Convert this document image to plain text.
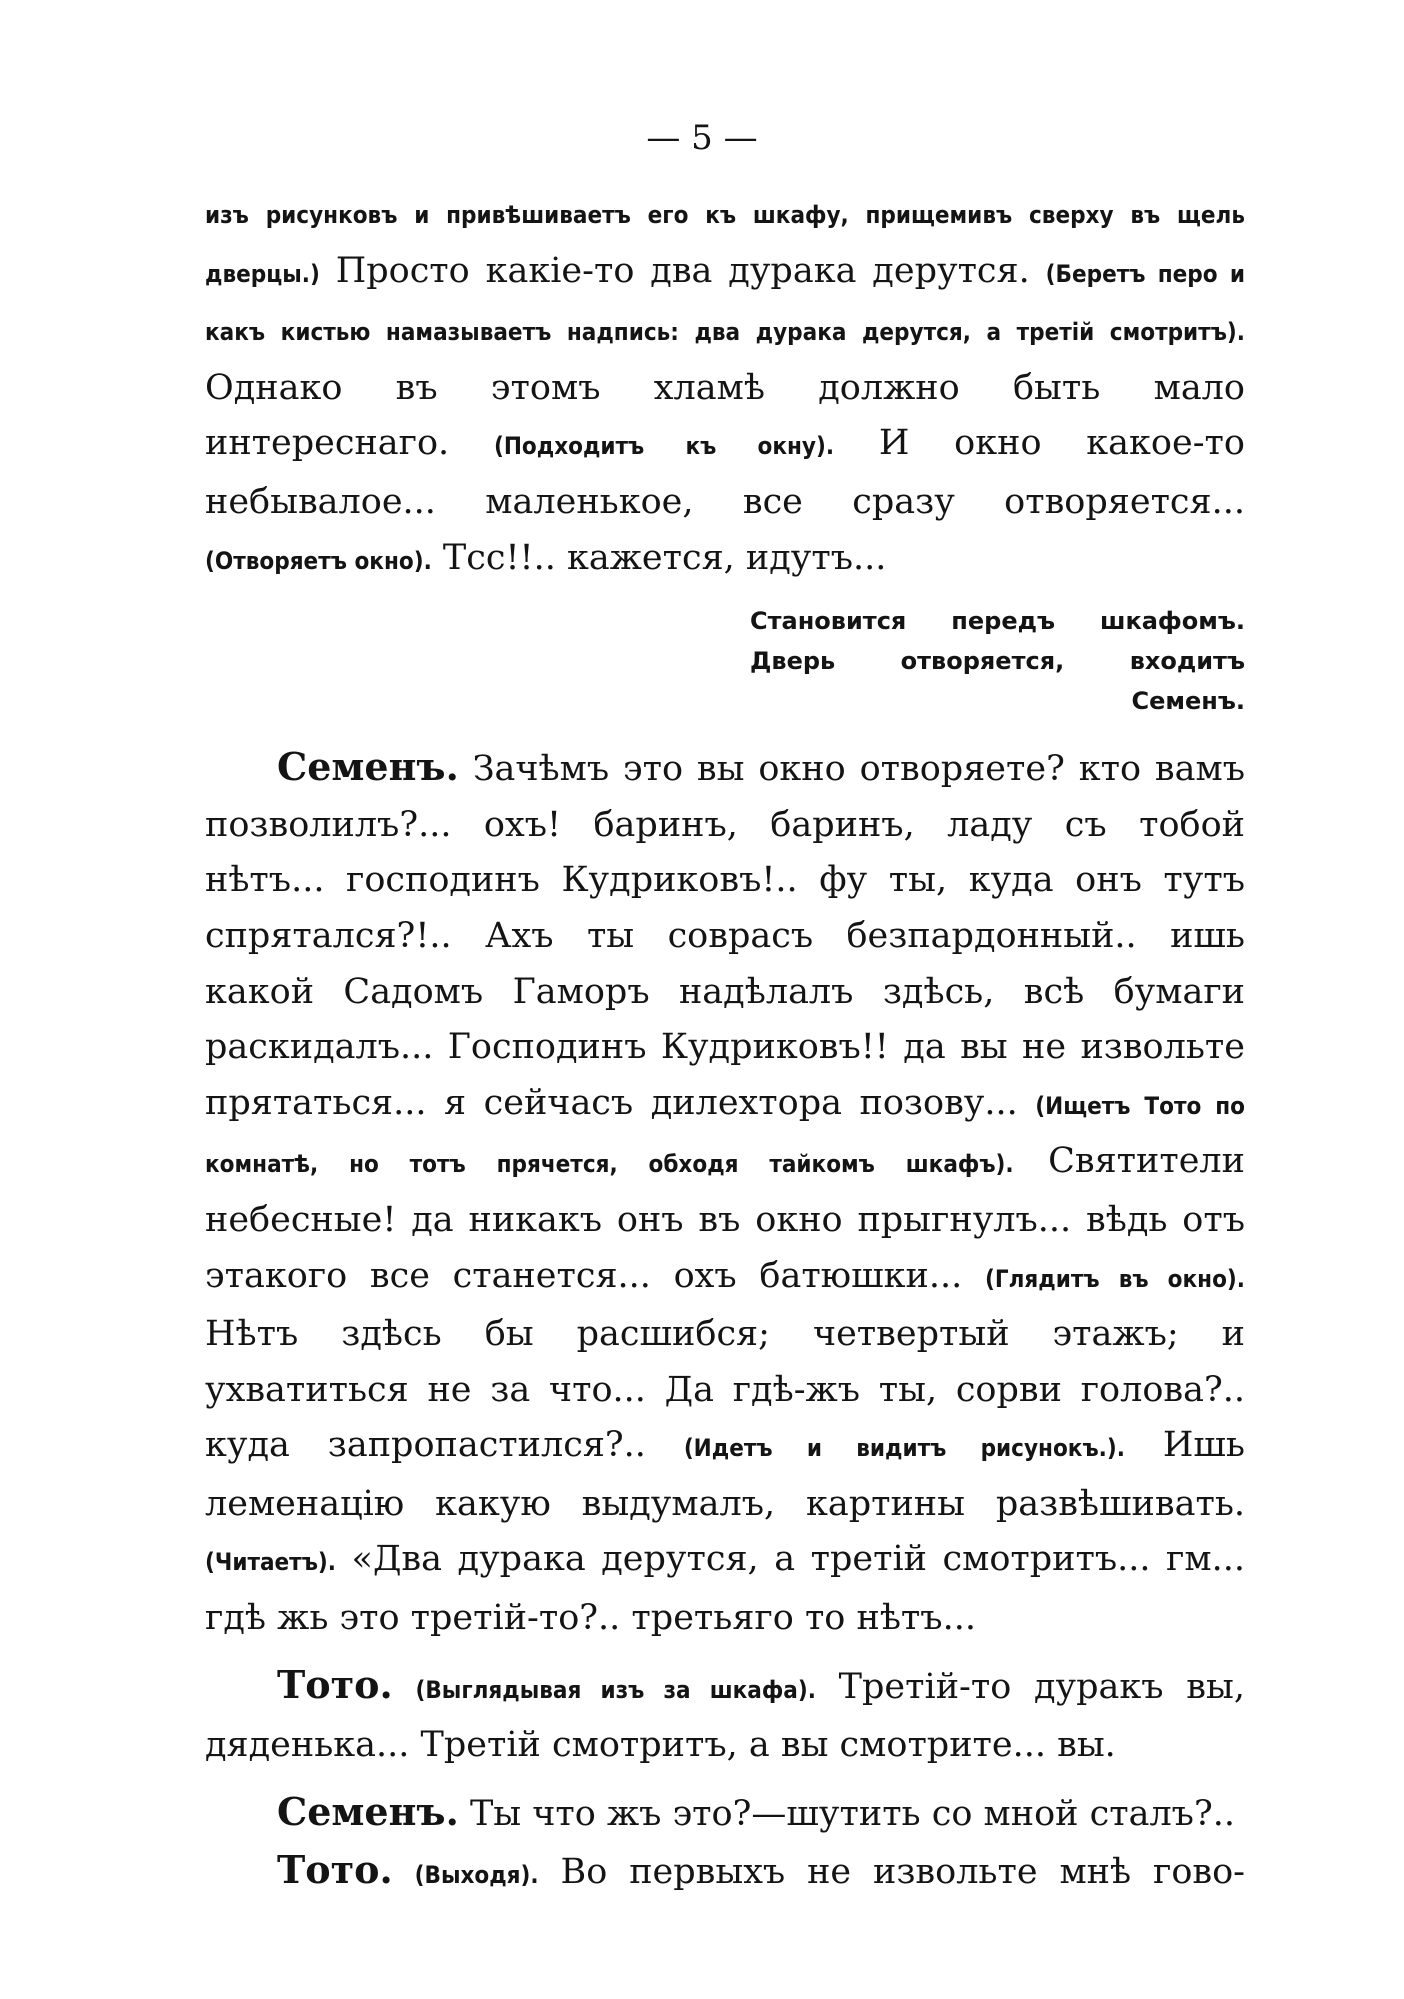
— 5 —

изъ рисунковъ и привѣшиваетъ его къ шкафу, прищемивъ сверху въ щель дверцы.) Просто какіе-то два дурака дерутся. (Беретъ перо и какъ кистью намазываетъ надпись: два дурака дерутся, а третій смотритъ). Однако въ этомъ хламѣ должно быть мало интереснаго. (Подходитъ къ окну). И окно какое-то небывалое... маленькое, все сразу отворяется... (Отворяетъ окно). Тсс!!.. кажется, идутъ...

Становится передъ шкафомъ. Дверь отворяется, входитъ Семенъ.

Семенъ. Зачѣмъ это вы окно отворяете? кто вамъ позволилъ?... охъ! баринъ, баринъ, ладу съ тобой нѣтъ... господинъ Кудриковъ!.. фу ты, куда онъ тутъ спрятался?!.. Ахъ ты соврасъ безпардонный.. ишь какой Садомъ Гаморъ надѣлалъ здѣсь, всѣ бумаги раскидалъ... Господинъ Кудриковъ!! да вы не извольте прятаться... я сейчасъ дилехтора позову... (Ищетъ Тото по комнатѣ, но тотъ прячется, обходя тайкомъ шкафъ). Святители небесные! да никакъ онъ въ окно прыгнулъ... вѣдь отъ этакого все станется... охъ батюшки... (Глядитъ въ окно). Нѣтъ здѣсь бы расшибся; четвертый этажъ; и ухватиться не за что... Да гдѣ-жъ ты, сорви голова?.. куда запропастился?.. (Идетъ и видитъ рисунокъ.). Ишь леменацію какую выдумалъ, картины развѣшивать. (Читаетъ). «Два дурака дерутся, а третій смотритъ... гм... гдѣ жь это третій-то?.. третьяго то нѣтъ...

Тото. (Выглядывая изъ за шкафа). Третій-то дуракъ вы, дяденька... Третій смотритъ, а вы смотрите... вы.

Семенъ. Ты что жъ это?—шутить со мной сталъ?..

Тото. (Выходя). Во первыхъ не извольте мнѣ гово-
